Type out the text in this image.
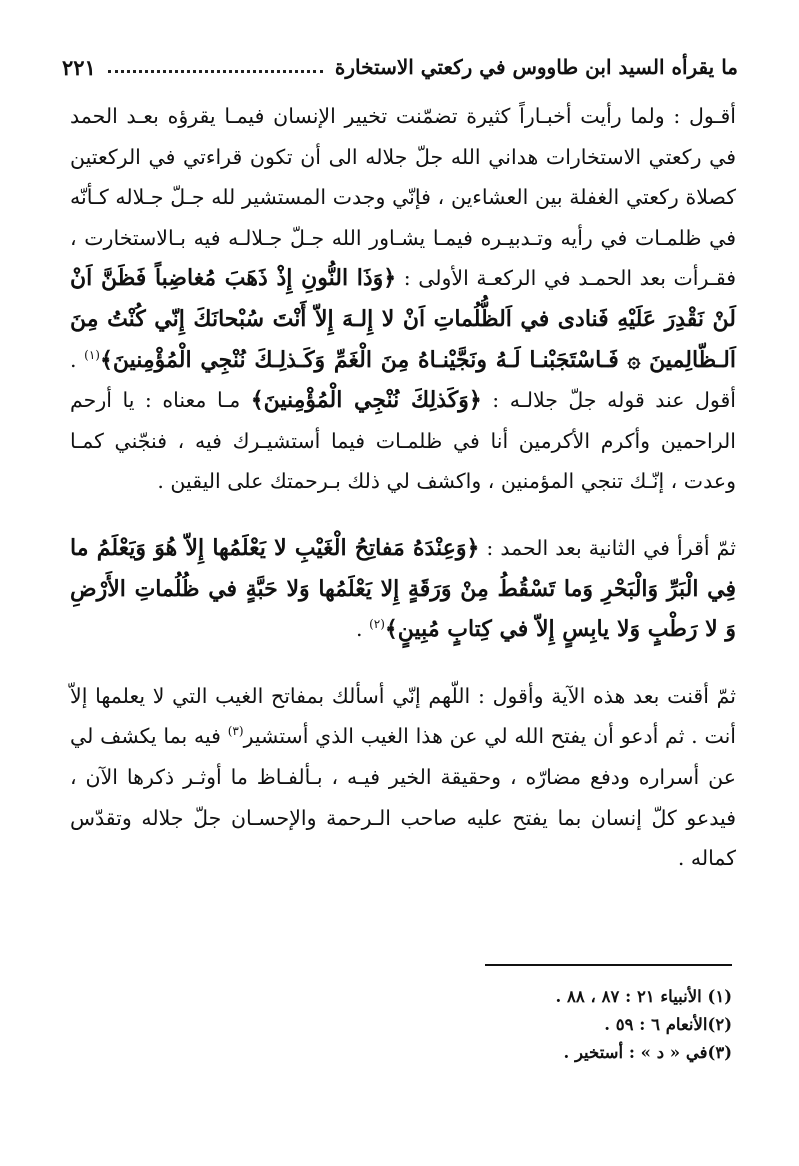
ما يقرأه السيد ابن طاووس في ركعتي الاستخارة
٢٢١

أقـول : ولما رأيت أخبـاراً كثيرة تضمّنت تخيير الإنسان فيمـا يقرؤه بعـد الحمد في ركعتي الاستخارات هداني الله جلّ جلاله الى أن تكون قراءتي في الركعتين كصلاة ركعتي الغفلة بين العشاءين ، فإنّي وجدت المستشير لله جـلّ جـلاله كـأنّه في ظلمـات في رأيه وتـدبيـره فيمـا يشـاور الله جـلّ جـلالـه فيه بـالاستخارت ، فقـرأت بعد الحمـد في الركعـة الأولى : ﴿وَذَا النُّونِ إِذْ ذَهَبَ مُغاضِباً فَظَنَّ اَنْ لَنْ نَقْدِرَ عَلَيْهِ فَنادى في اَلظُّلُماتِ اَنْ لا إِلـهَ إِلاّ أَنْتَ سُبْحانَكَ إِنّي كُنْتُ مِنَ اَلـظّالِمينَ ۞ فَـاسْتَجَبْنـا لَـهُ ونَجَّيْنـاهُ مِنَ الْغَمِّ وَكَـذلِـكَ نُنْجِي الْمُؤْمِنينَ﴾$^{(١)}$ . أقول عند قوله جلّ جلالـه : ﴿وَكَذلِكَ نُنْجِي الْمُؤْمِنينَ﴾ مـا معناه : يا أرحم الراحمين وأكرم الأكرمين أنا في ظلمـات فيما أستشيـرك فيه ، فنجّني كمـا وعدت ، إنّـك تنجي المؤمنين ، واكشف لي ذلك بـرحمتك على اليقين .

ثمّ أقرأ في الثانية بعد الحمد : ﴿وَعِنْدَهُ مَفاتِحُ الْغَيْبِ لا يَعْلَمُها إِلاّ هُوَ وَيَعْلَمُ ما فِي الْبَرِّ وَالْبَحْرِ وَما تَسْقُطُ مِنْ وَرَقَةٍ إِلا يَعْلَمُها وَلا حَبَّةٍ في ظُلُماتِ الأَرْضِ وَ لا رَطْبٍ وَلا يابِسٍ إِلاّ في كِتابٍ مُبِينٍ﴾$^{(٢)}$ .

ثمّ أقنت بعد هذه الآية وأقول : اللّهم إنّي أسألك بمفاتح الغيب التي لا يعلمها إلاّ أنت . ثم أدعو أن يفتح الله لي عن هذا الغيب الذي أستشير$^{(٣)}$ فيه بما يكشف لي عن أسراره ودفع مضارّه ، وحقيقة الخير فيـه ، بـألفـاظ ما أوثـر ذكرها الآن ، فيدعو كلّ إنسان بما يفتح عليه صاحب الـرحمة والإحسـان جلّ جلاله وتقدّس كماله .

(١) الأنبياء ٢١ : ٨٧ ، ٨٨ .

(٢)الأنعام ٦ : ٥٩ .

(٣)في « د » : أستخير .
